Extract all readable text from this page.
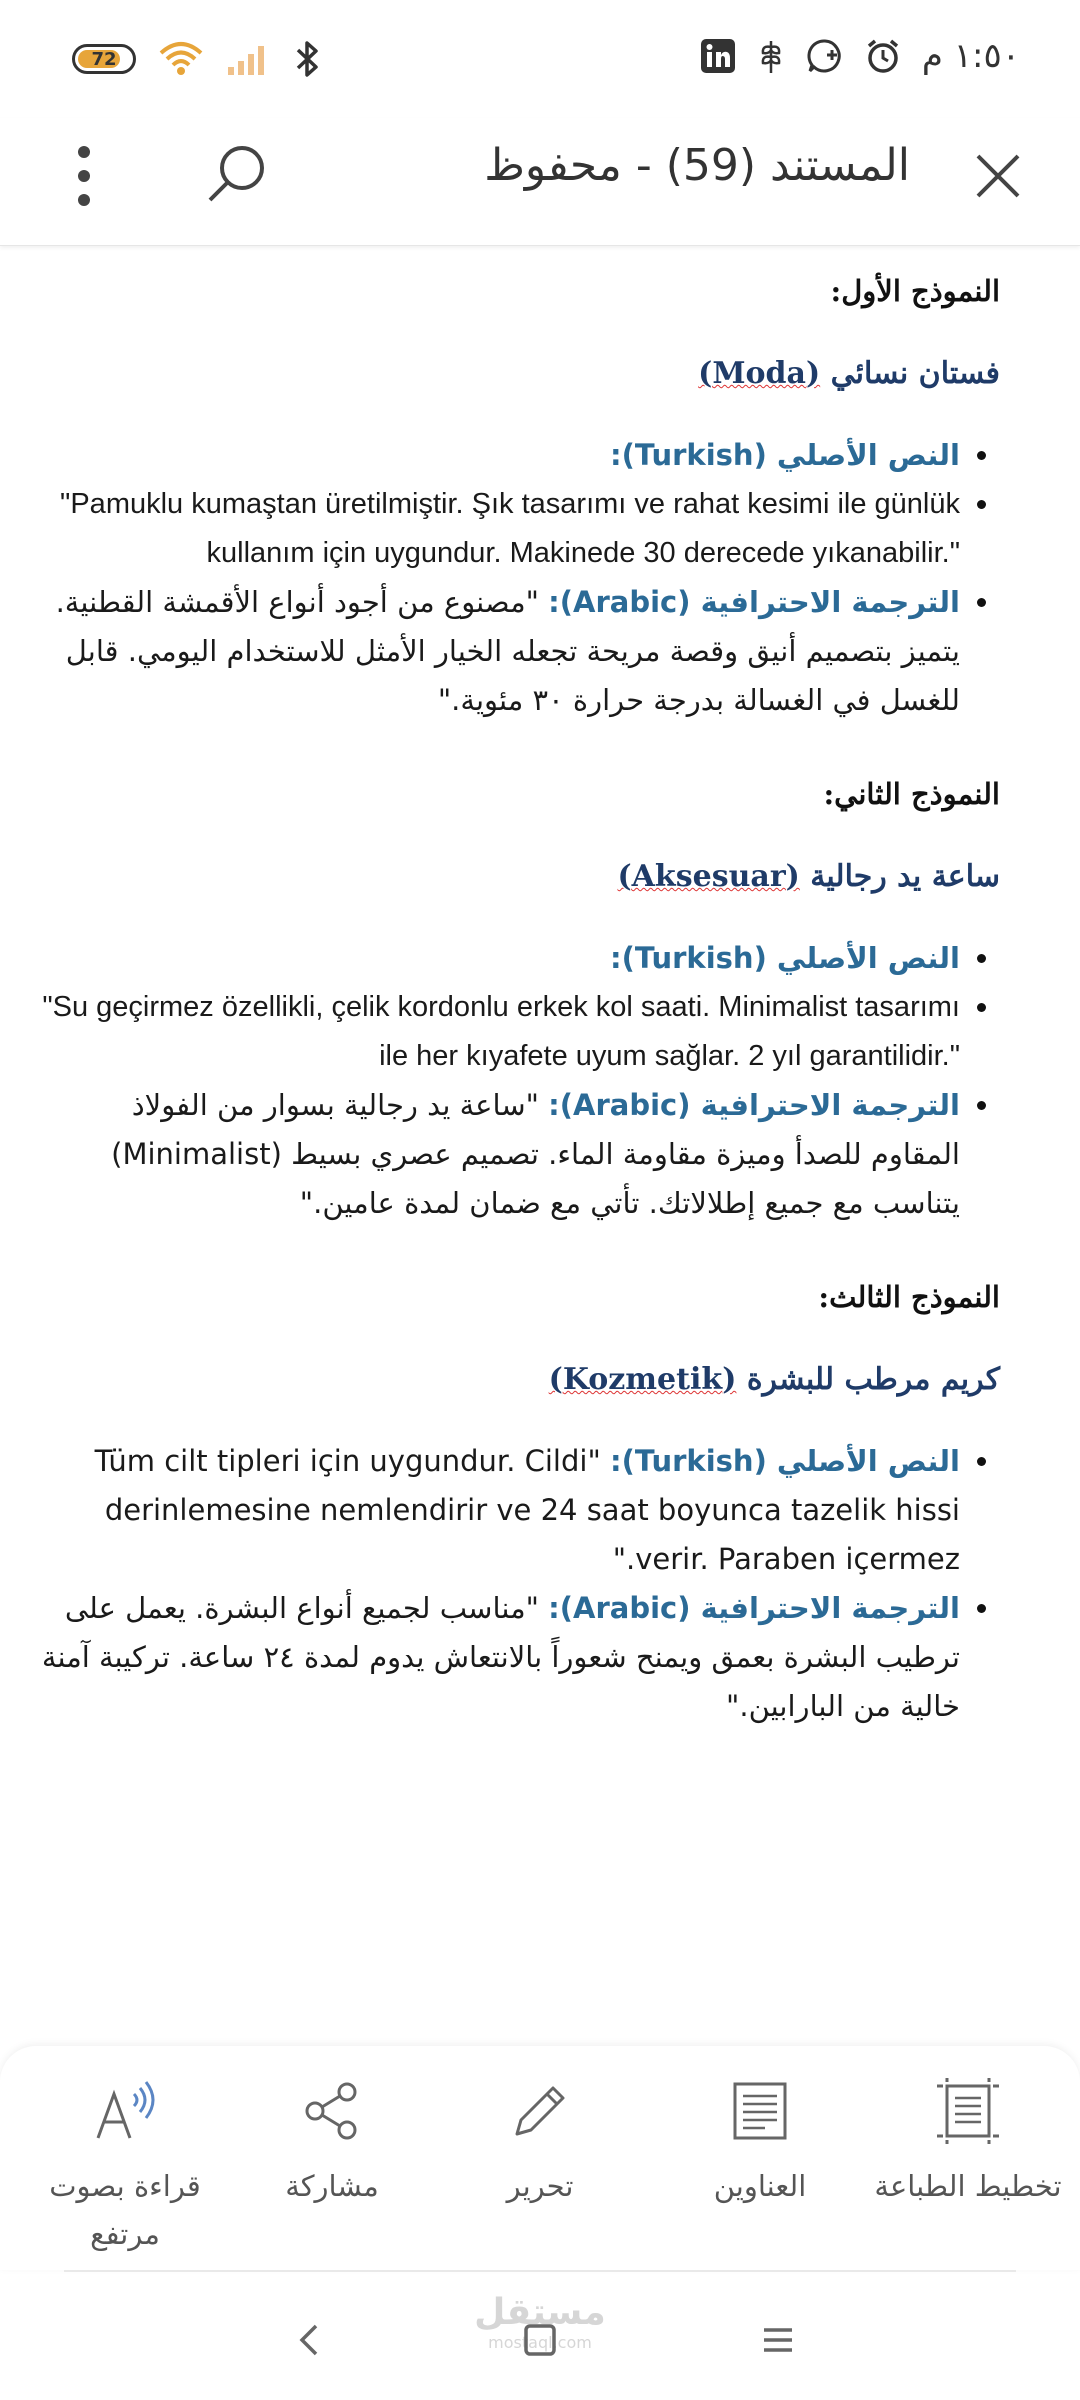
72	١:٥٠ م
المستند (59) - محفوظ
النموذج الأول:
فستان نسائي (Moda)
النص الأصلي (Turkish):
"Pamuklu kumaştan üretilmiştir. Şık tasarımı ve rahat kesimi ile günlük kullanım için uygundur. Makinede 30 derecede yıkanabilir."
الترجمة الاحترافية (Arabic): "مصنوع من أجود أنواع الأقمشة القطنية. يتميز بتصميم أنيق وقصة مريحة تجعله الخيار الأمثل للاستخدام اليومي. قابل للغسل في الغسالة بدرجة حرارة ٣٠ مئوية."
النموذج الثاني:
ساعة يد رجالية (Aksesuar)
النص الأصلي (Turkish):
"Su geçirmez özellikli, çelik kordonlu erkek kol saati. Minimalist tasarımı ile her kıyafete uyum sağlar. 2 yıl garantilidir."
الترجمة الاحترافية (Arabic): "ساعة يد رجالية بسوار من الفولاذ المقاوم للصدأ وميزة مقاومة الماء. تصميم عصري بسيط (Minimalist) يتناسب مع جميع إطلالاتك. تأتي مع ضمان لمدة عامين."
النموذج الثالث:
كريم مرطب للبشرة (Kozmetik)
النص الأصلي (Turkish): "Tüm cilt tipleri için uygundur. Cildi derinlemesine nemlendirir ve 24 saat boyunca tazelik hissi verir. Paraben içermez."
الترجمة الاحترافية (Arabic): "مناسب لجميع أنواع البشرة. يعمل على ترطيب البشرة بعمق ويمنح شعوراً بالانتعاش يدوم لمدة ٢٤ ساعة. تركيبة آمنة خالية من البارابين."
تخطيط الطباعة
العناوين
تحرير
مشاركة
قراءة بصوت مرتفع
مستقل
mostaql.com
